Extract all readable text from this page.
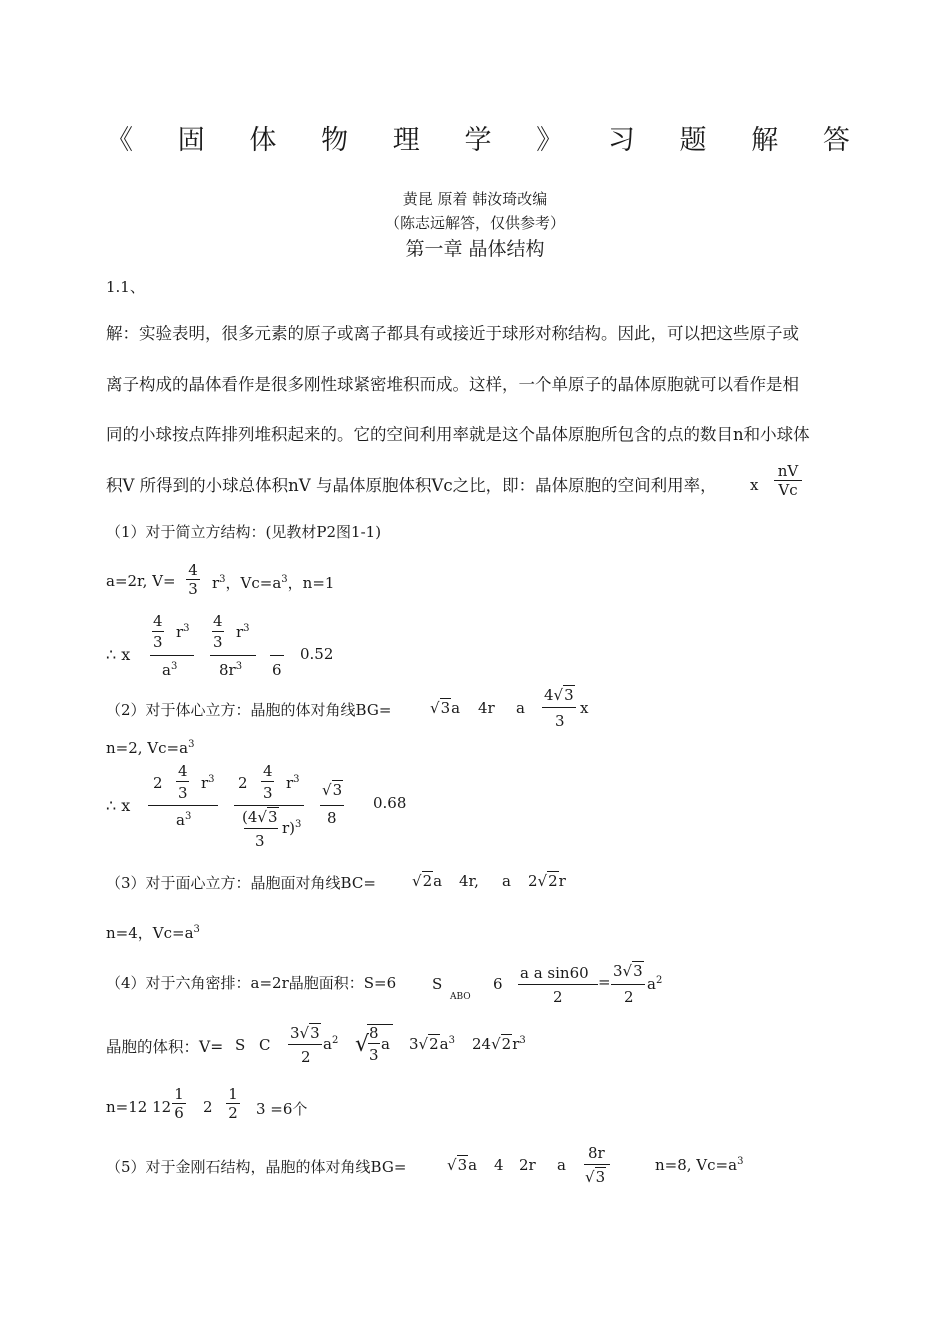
《 固 体 物 理 学 》 习 题 解 答
黄昆 原着 韩汝琦改编
（陈志远解答，仅供参考）
第一章 晶体结构
1.1、
解：实验表明，很多元素的原子或离子都具有或接近于球形对称结构。因此，可以把这些原子或
离子构成的晶体看作是很多刚性球紧密堆积而成。这样，一个单原子的晶体原胞就可以看作是相
同的小球按点阵排列堆积起来的。它的空间利用率就是这个晶体原胞所包含的点的数目n和小球体
积V 所得到的小球总体积nV 与晶体原胞体积Vc之比，即：晶体原胞的空间利用率， x $\frac{nV}{Vc}$
（1）对于简立方结构：(见教材P2图1-1)
a=2r, $V= \frac{4}{3} r^3$，$Vc=a^3$，n=1
∴ x
4
3
$r^3$
$a^3$
4
3
$r^3$
$8r^3$ 6
0.52
（2）对于体心立方：晶胞的体对角线BG=	√3a 4r a
4√3
3
x
n=2, $Vc=a^3$
∴ x
2
4
3
$r^3$
$a^3$
2
4
3
$r^3$
(4√3
3
r)$^3$
√3
8
0.68
（3）对于面心立方：晶胞面对角线BC= √2a 4r, a 2√2r
n=4，$Vc=a^3$
（4）对于六角密排：a=2r晶胞面积：S=6 S
ABO
6
a a sin60
2
=
3√3
2
$a^2$
晶胞的体积：V= S C
3√3
2
$a^2$ √ 8
3
a $3√2a^3$ $24√2r^3$
n=12 $12 \frac{1}{6} 2 \frac{1}{2} 3 =6$个
（5）对于金刚石结构，晶胞的体对角线BG=	√3a 4 2r a
8r
√3
n=8, $Vc=a^3$
